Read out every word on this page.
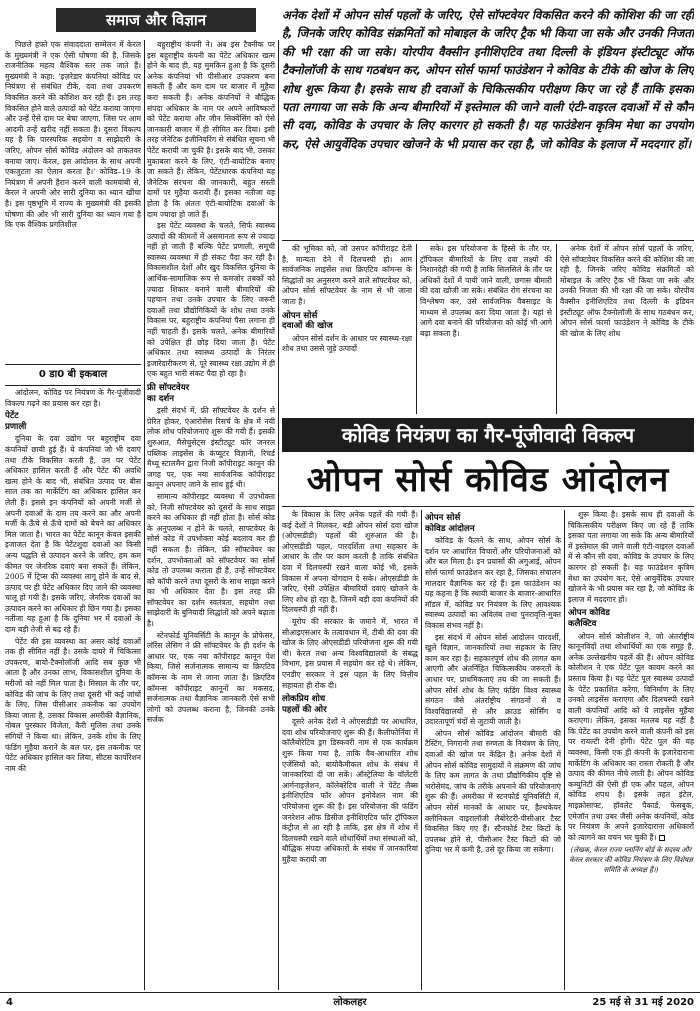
समाज और विज्ञान

पिछले हफ्ते एक संवाददाता सम्मेलन में केरल के मुख्यमंत्री ने एक ऐसी घोषणा की है, जिसके राजनीतिक महत्व वैश्विक स्तर तक जाते हैं। मुख्यमंत्री ने कहा: 'इज़रेडार कंपनियां कोविड पर नियंत्रण से संबंधित टीके, दवा तथा उपकरण विकसित करने की कोशिश कर रही हैं। इस तरह विकसित होने वाले उत्पादों को पेटेंट कराया जाएगा और उन्हें ऐसे दाम पर बेचा जाएगा, जिस पर आम आदमी उन्हें खरीद नहीं सकता है। दुसरा विकल्प यह है कि पारस्परिक सहयोग व साझेदारी के जरिए, ओपन सोर्स कोविड अंदोलन को ताकतवर बनाया जाए। केरल, इस आंदोलन के साथ अपनी एकजुटता का ऐलान करता है।' कोविड–19 के नियंत्रण में अपनी हैरान करने वाली कामयाबी से, केरल ने अपनी ओर सारी दुनिया का ध्यान खींचा है। इस पृष्ठभूमि में राज्य के मुख्यमंत्री की इसकी घोषणा की ओर भी सारी दुनिया का ध्यान गया है कि एक वैश्विक प्रगतिशील

0 डा0 बी इकबाल

आंदोलन, कोविड पर नियंत्रण के गैर-पूंजीवादी विकल्प गढ़ने का प्रयास कर रहा है।

पेटेंट
प्रणाली

दुनिया के दवा उद्योग पर बहुराष्ट्रीय दवा कंपनियों छायी हुई हैं। ये कंपनियां जो भी दवाएं तथा टीके विकसित करती हैं, उन पर पेटेंट अधिकार हासिल करती हैं और पेटेंट की अवधि खत्म होने के बाद भी, संबंधित उत्पाद पर बीस साल तक का मार्केटिंग का अधिकार हासिल कर लेती हैं। इससे इन कंपनियों को अपनी मर्जी से अपनी दवाओं के दाम तय करने का और अपनी मर्जी के ऊँचे से ऊँचे दामों को बेचने का अधिकार मिल जाता है। भारत का पेटेंट कानून केवल इसकी इजाजत देता है कि पेटेंटशुदा दवाओं का किसी अन्य पद्धति से उत्पादन करने के जरिए, हम कम कीमत पर जेनरिक दवाएं बना सकते हैं। लेकिन, 2005 में ट्रिप्स की व्यवस्था लागू होने के बाद से, उत्पाद पर ही पेटेंट अधिकार दिए जाने की व्यवस्था चालू हो गयी है। इसके जरिए, जेनरिक दवाओं का उत्पादन करने का अधिकार ही छिन गया है। इसका नतीजा यह हुआ है कि दुनिया भर में दवाओं के दाम बड़ी तेजी से बढ़ रहे हैं।

पेटेंट की इस व्यवस्था का असर कोई दवाओं तक ही सीमित नहीं है। उसके दायरे में चिकित्सा उपकरण, बायो-टैक्नोलॉजी आदि सब कुछ भी आता है और उनका लाभ, विकासशील दुनिया के मरीजों को नहीं मिल पाता है। मिसाल के तौर पर, कोविड की जांच के लिए तथा दूसरी भी कई जांचों के लिए, जिस पीसीआर तकनीक का उपयोग किया जाता है, उसका विकास अमरीकी वैज्ञानिक, नोबल पुरस्कार विजेता, कैरी मुलिस तथा उनके संगियों ने किया था। लेकिन, उनके शोध के लिए फंडिंग मुहैया कराने के बल पर, इस तकनीक पर पेटेंट अधिकार हासिल कर लिया, सीटस कार्पोरेशन नाम की

बहुराष्ट्रीय कंपनी ने। अब इस टैक्नीक पर इस बहुराष्ट्रीय कंपनी का पेटेंट अधिकार खत्म होने के बाद ही, यह मुमकिन हुआ है कि दूसरी अनेक कंपनियां भी पीसीआर उपकरण बना सकती हैं और कम दाम पर बाजार में मुहैया करा सकती हैं। अनेक कंपनियों ने बौद्धिक संपदा अधिकार के नाम पर अपने आविष्कारों को पेटेंट कराया और जीन सिक्वेंसिंग को ऐसे जानकारी बाजार में ही सीमित कर दिया। इसी तरह जेनेटिक इंजीनियरिंग से संबंधित सूचना भी पेटेंट करायी जा चुकी है। इसके बाद भी, उसका मुकाबला करने के लिए, एंटी-बायोटिक बनाए जा सकते हैं। लेकिन, पेटेंटधारक कंपनियां यह जैनेटिक संरचना की जानकारी, बहुत सस्ती दामों पर मुहैया करायी हैं। इसका नतीजा यह होता है कि अंततः एंटी-बायोटिक दवाओं के दाम ज्यादा हो जाते हैं।

इस पेटेंट व्यवस्था के चलते, सिर्फ स्वास्थ्य उत्पादों की कीमतों में असमानता रूप से ज्यादा नहीं हो जाती हैं बल्कि पेटेंट प्रणाली, समूची स्वास्थ्य व्यवस्था में ही संकट पैदा कर रही है। विकासशील देशों और खुद विकसित दुनिया के आर्थिक-सामाजिक रूप से कमजोर तबकों को ज्यादा शिकार बनाने वाली बीमारियों की पहचान तथा उनके उपचार के लिए जरूरी दवाओं तथा प्रौद्योगिकियों के शोध तथा उनके विकास पर, बहुराष्ट्रीय कंपनियां पैसा लगाना ही नहीं चाहती हैं। इसके चलते, अनेक बीमारियों को उपेक्षित ही छोड़ दिया जाता है। पेटेंट अधिकार तथा स्वास्थ्य उत्पादों के निरंतर इजारेदारीकरण से, पूरे स्वास्थ्य रक्षा उद्योग में ही एक बहुत भारी संकट पैदा हो रहा है।

फ्री सॉफ्टवेयर
का दर्शन

इसी संदर्भ में, फ्री सॉफ्टवेयर के दर्शन से प्रेरित होकर, एंआरोसेस रिसर्च के क्षेत्र में नयी लोक शोध परियोजनाएं शुरू की गयी हैं। इसकी शुरुआत, मैसेचुसेट्स इंस्टीट्यूट फॉर जनरल पब्लिक लाइसेंस के कंप्यूटर विज्ञानी, रिचर्ड मैथ्यू स्टालमैन द्वारा निजी कॉपीराइट कानून की जगह पर, एक नया सार्वजनिक कॉपीराइट कानून अपनाए जाने के साथ हुई थी।

सामान्य कॉपीराइट व्यवस्था में उपभोक्ता को, निजी सॉफ्टवेयर को दूसरों के साथ साझा करने का अधिकार ही नहीं होता है। सोर्स कोड के अनुपलब्ध न होने के चलते, साफ्टवेयर के सोर्स कोड में उपभोक्ता कोई बदलाव कर ही नहीं सकता है। लेकिन, फ्री सॉफ्टवेयर का दर्शन, उपभोक्ताओं को सॉफ्टवेयर का सोर्स कोड तो उपलब्ध कराता ही है, उन्हें सॉफ्टवेयर को कॉपी करने तथा दूसरों के साथ साझा करने का भी अधिकार देता है। इस तरह फ्री सॉफ्टवेयर का दर्शन स्वतंत्रता, सहयोग तथा साझेदारी के बुनियादी सिद्धांतों को अपने बढ़ाता है।

स्टेनफोर्ड यूनिवर्सिटी के कानून के प्रोफेसर, लॉरेंस लेसिग ने फ्री सॉफ्टवेयर के ही दर्शन के आधार पर, एक नया कॉपीराइट कानून पेश किया, जिसे सर्जनात्मक सामान्य या क्रिएटिव कॉमन्स के नाम से जाना जाता है। क्रिएटिव कॉमन्स कॉपीराइट कानूनों का मकसद, सर्जनात्मक तथा वैज्ञानिक जानकारी ऐसे सभी लोगों को उपलब्ध कराना है, जिनकी उनके सर्जक

अनेक देशों में ओपन सोर्स पहलों के जरिए, ऐसे सॉफ्टवेयर विकसित करने की कोशिश की जा रही है, जिनके जरिए कोविड संक्रमितों को मोबाइल के जरिए ट्रैक भी किया जा सके और उनकी निजता की भी रक्षा की जा सके। योरपीय वैक्सीन इनीशिएटिव तथा दिल्ली के इंडियन इंस्टीट्यूट ऑफ टैक्नोलॉजी के साथ गठबंधन कर, ओपन सोर्स फार्मा फाउंडेशन ने कोविड के टीके की खोज के लिए शोध शुरू किया है। इसके साथ ही दवाओं के चिकित्सकीय परीक्षण किए जा रहे हैं ताकि इसका पता लगाया जा सके कि अन्य बीमारियों में इस्तेमाल की जाने वाली एंटी-वाइरल दवाओं में से कौन सी दवा, कोविड के उपचार के लिए कारगर हो सकती है। यह फाउंडेशन कृत्रिम मेधा का उपयोग कर, ऐसे आयुर्वेदिक उपचार खोजने के भी प्रयास कर रहा है, जो कोविड के इलाज में मददगार हों।

की भूमिका को, जो उसपर कॉपीराइट देती है, मान्यता देने में दिलचस्पी हो। आम सार्वजनिक लाइसेंस तथा क्रिएटिव कॉमन्स के सिद्धांतों का अनुसरण करने वाले सॉफ्टवेयर को, ओपन सोर्स सॉफ्टवेयर के नाम से भी जाना जाता है।

ओपन सोर्स
दवाओं की खोज

ओपन सोर्स दर्शन के आधार पर स्वास्थ्य-रक्षा शोध तथा उससे जुड़े उत्पादों

सके। इस परियोजना के हिस्से के तौर पर, ट्रॉपिकल बीमारियों के लिए दवा लक्ष्यों की निशानदेही की गयी है ताकि सिलसिले के तौर पर अधिकों देशों में पायी जाने वाली, छगास बीमारी की दवा खोजी जा सके। संबंधित रोग संरचना का विश्लेषण कर, उसे सार्वजनिक वैबसाइट के माध्यम से उपलब्ध करा दिया जाता है। यहां से आगे दवा बनाने की परियोजना को कोई भी आगे बढ़ा सकता है।

अनेक देशों में ओपन सोर्स पहलों के जरिए, ऐसे सॉफ्टवेयर विकसित करने की कोशिश की जा रही है, जिनके जरिए कोविड संक्रमितों को मोबाइल के जरिए ट्रैक भी किया जा सके और उनकी निजता की भी रक्षा की जा सके। योरपीय वैक्सीन इनीशिएटिव तथा दिल्ली के इंडियन इंस्टीट्यूट ऑफ टैक्नोलॉजी के साथ गठबंधन कर, ओपन सोर्स फार्मा फाउंडेशन ने कोविड के टीके की खोज के लिए शोध

कोविड नियंत्रण का गैर-पूंजीवादी विकल्प
ओपन सोर्स कोविड आंदोलन

के विकास के लिए अनेक पहलें की गयी हैं। कई देशों ने मिलकर, बड़ी ओपन सोर्स दवा खोज (ओएसडीडी) पहलों की शुरुआत की है। ओएसडीडी पहल, पारदर्शिता तथा सहकार के आधार के तौर पर काम करती है ताकि संबंधित दवा में दिलचस्पी रखने वाला कोई भी, इसके विकास में अपना योगदान दे सके। ओएसडीडी के जरिए, ऐसी उपेक्षित बीमारियों दवाएं खोजने के लिए शोध हो रहा है, जिनमें बड़ी दवा कंपनियों की दिलचस्पी ही नहीं है।

यूरोप की सरकार के जमाने में, भारत में सीआइएसआर के तत्वावधान में, टीबी की दवा की खोज के लिए ओएसडीडी परियोजना शुरू की गयी थी। केरल तथा अन्य विश्वविद्यालयों के संबद्ध विभाग, इस प्रयास में सहयोग कर रहे थे। लेकिन, एनडीए सरकार ने इस पहल के लिए वित्तीय सहायता ही रोक दी।

लोकप्रिय शोध
पहलों की ओर

दूसरे अनेक देशों ने ओएसडीडी पर आधारित, दवा शोध परियोजनाएं शुरू की हैं। कैलीफोर्निया में कॉलैबोरेटिव ड्रग डिस्कवरी नाम से एक कार्यक्रम शुरू किया गया है, ताकि वैब-आधारित शोध एजेंसियों को, बायोकैमीकल शोध के संबंध में जानकारियां दी जा सकें। ऑस्ट्रेलिया के वॉलेंटरी आर्गनाइज़ेशन, कॉलेबरेटिव वाली ने पेटेंट लैब्स इनीशिएटिव फॉर ओपन इनोवेशन नाम की परियोजना शुरू की है। इस परियोजना की फंडिंग जनरेशन ऑफ डिसीज इनीशिएटिव फॉर ट्रॉपिकल कंट्रीज से आ रही है ताकि, इस क्षेत्र में शोध में दिलचस्पी रखने वाले शोधार्थियों तथा संस्थाओं को, बौद्धिक संपदा अधिकारों के संबंध में जानकारियां मुहैया करायी जा

ओपन सोर्स
कोविड आंदोलन

कोविड के फैलने के साथ, ओपन सोर्स के दर्शन पर आधारित विचारों और परियोजनाओं को और बल मिला है। इन प्रयासों की अगुआई, ओपन सोर्स फार्मा फाउंडेशन कर रहा है, जिसका संचालन मालदार वैज्ञानिक कर रहे हैं। इस फाउंडेशन का यह कहना है कि स्थायी बाजार के बाजार-आधारित मॉडल में, कोविड पर नियंत्रण के लिए आवश्यक स्वास्थ्य उत्पादों का अविलंब तथा पुनरावृत्ति-मुक्त विकास संभव नहीं है।

इस संदर्भ में ओपन सोर्स आंदोलन पारदर्शी, खुले विज्ञान, जानकारियों तथा सहकार के लिए काम कर रहा है। सहकारपूर्ण शोध की लागत कम आएगी और अंतर्निहित चिकित्सकीय जरूरतों के आधार पर, प्राथमिकताएं तय की जा सकती हैं। ओपन सोर्स शोध के लिए फंडिंग विश्व स्वास्थ्य संगठन जैसे अंतर्राष्ट्रीय संगठनों से व विश्वविद्यालयों से और क्राउड सोर्सिंग व उदारतापूर्ण चंदों से जुटायी जाती है।

ओपन सोर्स कोविड आंदोलन बीमारी की टैस्टिंग, निगरानी तथा रुग्णता के नियंत्रण के लिए, दवाओं की खोज पर केंद्रित है। अनेक देशों में ओपन सोर्स कोविड सामुदायों ने संक्रमण की जांच के लिए कम लागत के तथा प्रौद्योगिकीय दृष्टि से भरोसेमंद, जांच के तरीके अपनाने की परियोजनाएं शुरू की हैं। अमरीका में स्टनफोर्ड यूनिवर्सिटी में, ओपन सोर्स मानकों के आधार पर, हैल्थकेयर क्लीनिकल वाइरालॉजी लैबोरेटरी-पीसीआर टैस्ट विकसित किए गए हैं। स्टैनफोर्ड टैस्ट किटों के उपलब्ध होने से, पीसीआर टैस्ट किटों की जो दुनिया भर में कमी है, उसे दूर किया जा सकेगा।

शुरू किया है। इसके साथ ही दवाओं के चिकित्सकीय परीक्षण किए जा रहे हैं ताकि इसका पता लगाया जा सके कि अन्य बीमारियों में इस्तेमाल की जाने वाली एंटी-वाइरल दवाओं में से कौन सी दवा, कोविड के उपचार के लिए कारगर हो सकती है। यह फाउंडेशन कृत्रिम मेधा का उपयोग कर, ऐसे आयुर्वेदिक उपचार खोजने के भी प्रयास कर रहा है, जो कोविड के इलाज में मददगार हों।

ओपन कोविड
कलैक्टिव

ओपन सोर्स कोलीशन ने, जो अंतर्राष्ट्रीय कानूनविदों तथा शोधार्थियों का एक समूह है, अनेक उल्लेखनीय पहलें की हैं। ओपन कोविड कोलीशन ने एक पेटेंट पूल कायम करने का प्रस्ताव किया है। यह पेटेंट पूल स्वास्थ्य उत्पादों के पेटेंट प्रकाशित करेगा, विनिर्माण के लिए उनको लाइसेंस कराएगा और दिलचस्पी रखने वाली कंपनियों आदि को ये लाइसेंस मुहैया कराएगा। लेकिन, इसका मतलब यह नहीं है कि पेटेंट का उपयोग करने वाली कंपनी को इस पर रायल्टी देनी होगी। पेटेंट पूल की यह व्यवस्था, किसी एक ही कंपनी के इजारेदाराना मार्केटिंग के अधिकार का रास्ता रोकती है और उत्पाद की कीमत नीचे लाती है। ओपन कोविड कम्युनिटी की ऐसी ही एक और पहल, ओपन कोविड शपथ है। इसके तहत इंटेल, माइक्रोसाफ्ट, हॉवलेट पैकार्ड, फेसबुक, एमेजॉन तथा उबर जैसी अनेक कंपनियों, कोड पर नियंत्रण के अपने इजारेदाराना अधिकारों को त्यागने का वचन भर चुकी हैं।

(लेखक, केरल राज्य प्लानिंग बोर्ड के सदस्य और केरल सरकार की कोविड नियंत्रण के लिए विशेषज्ञ समिति के अध्यक्ष हैं।)

4	लोकलहर	25 मई से 31 मई 2020
